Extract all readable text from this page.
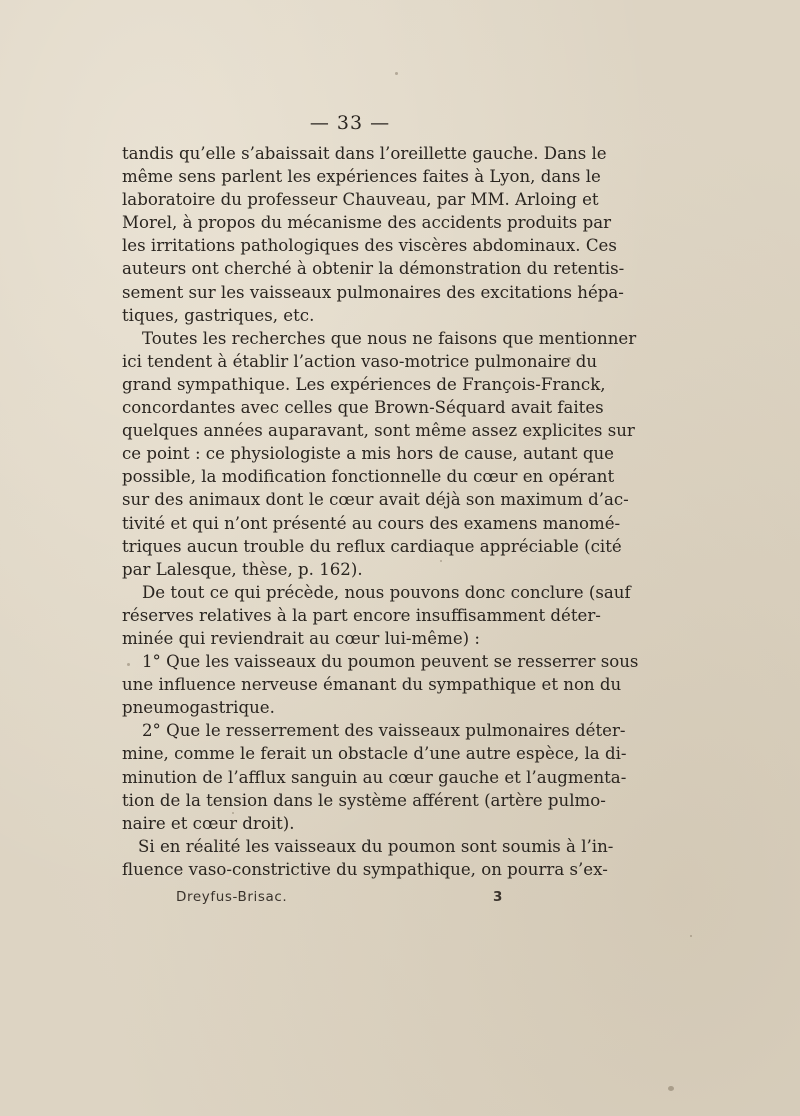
— 33 —
tandis qu’elle s’abaissait dans l’oreillette gauche. Dans le
même sens parlent les expériences faites à Lyon, dans le
laboratoire du professeur Chauveau, par MM. Arloing et
Morel, à propos du mécanisme des accidents produits par
les irritations pathologiques des viscères abdominaux. Ces
auteurs ont cherché à obtenir la démonstration du retentis-
sement sur les vaisseaux pulmonaires des excitations hépa-
tiques, gastriques, etc.
Toutes les recherches que nous ne faisons que mentionner
ici tendent à établir l’action vaso-motrice pulmonaire du
grand sympathique. Les expériences de François-Franck,
concordantes avec celles que Brown-Séquard avait faites
quelques années auparavant, sont même assez explicites sur
ce point : ce physiologiste a mis hors de cause, autant que
possible, la modification fonctionnelle du cœur en opérant
sur des animaux dont le cœur avait déjà son maximum d’ac-
tivité et qui n’ont présenté au cours des examens manomé-
triques aucun trouble du reflux cardiaque appréciable (cité
par Lalesque, thèse, p. 162).
De tout ce qui précède, nous pouvons donc conclure (sauf
réserves relatives à la part encore insuffisamment déter-
minée qui reviendrait au cœur lui-même) :
1° Que les vaisseaux du poumon peuvent se resserrer sous
une influence nerveuse émanant du sympathique et non du
pneumogastrique.
2° Que le resserrement des vaisseaux pulmonaires déter-
mine, comme le ferait un obstacle d’une autre espèce, la di-
minution de l’afflux sanguin au cœur gauche et l’augmenta-
tion de la tension dans le système afférent (artère pulmo-
naire et cœur droit).
Si en réalité les vaisseaux du poumon sont soumis à l’in-
fluence vaso-constrictive du sympathique, on pourra s’ex-
Dreyfus-Brisac.	3
